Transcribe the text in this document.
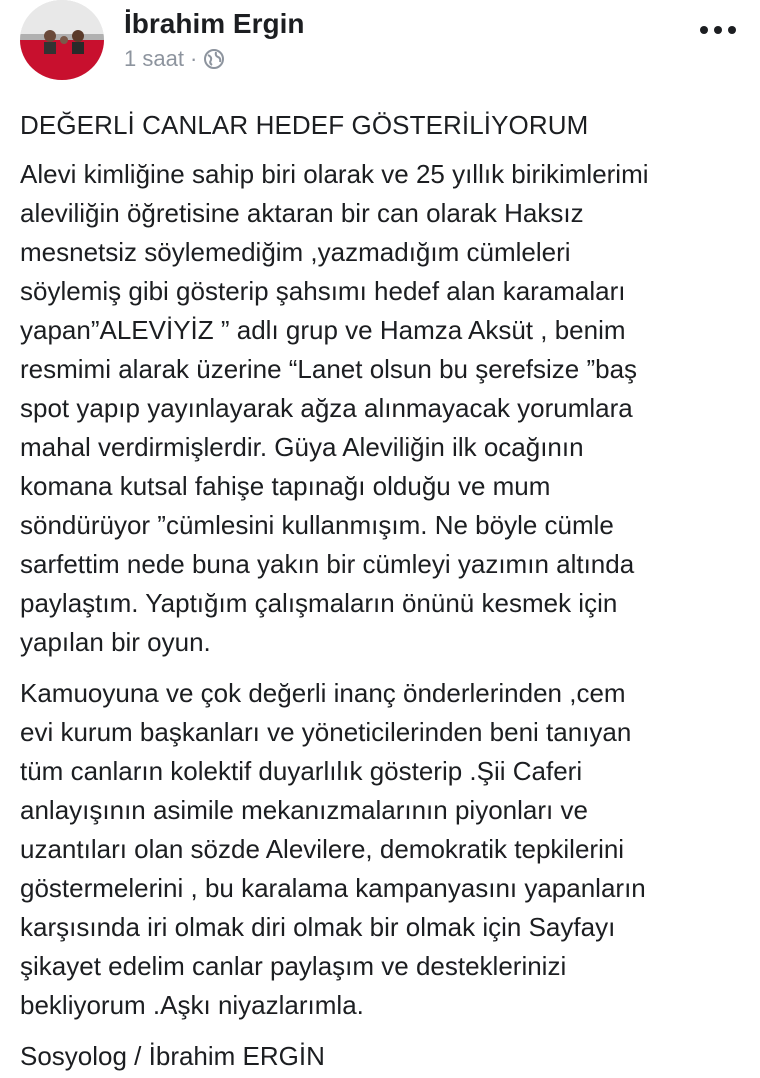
İbrahim Ergin
1 saat ·

DEĞERLİ CANLAR HEDEF GÖSTERİLİYORUM

Alevi kimliğine sahip biri olarak ve 25 yıllık birikimlerimi
aleviliğin öğretisine aktaran bir can olarak Haksız
mesnetsiz söylemediğim ,yazmadığım cümleleri
söylemiş gibi gösterip şahsımı hedef alan karamaları
yapan”ALEVİYİZ ” adlı grup ve Hamza Aksüt , benim
resmimi alarak üzerine “Lanet olsun bu şerefsize ”baş
spot yapıp yayınlayarak ağza alınmayacak yorumlara
mahal verdirmişlerdir. Güya Aleviliğin ilk ocağının
komana kutsal fahişe tapınağı olduğu ve mum
söndürüyor ”cümlesini kullanmışım. Ne böyle cümle
sarfettim nede buna yakın bir cümleyi yazımın altında
paylaştım. Yaptığım çalışmaların önünü kesmek için
yapılan bir oyun.

Kamuoyuna ve çok değerli inanç önderlerinden ,cem
evi kurum başkanları ve yöneticilerinden beni tanıyan
tüm canların kolektif duyarlılık gösterip .Şii Caferi
anlayışının asimile mekanızmalarının piyonları ve
uzantıları olan sözde Alevilere, demokratik tepkilerini
göstermelerini , bu karalama kampanyasını yapanların
karşısında iri olmak diri olmak bir olmak için Sayfayı
şikayet edelim canlar paylaşım ve desteklerinizi
bekliyorum .Aşkı niyazlarımla.

Sosyolog / İbrahim ERGİN
